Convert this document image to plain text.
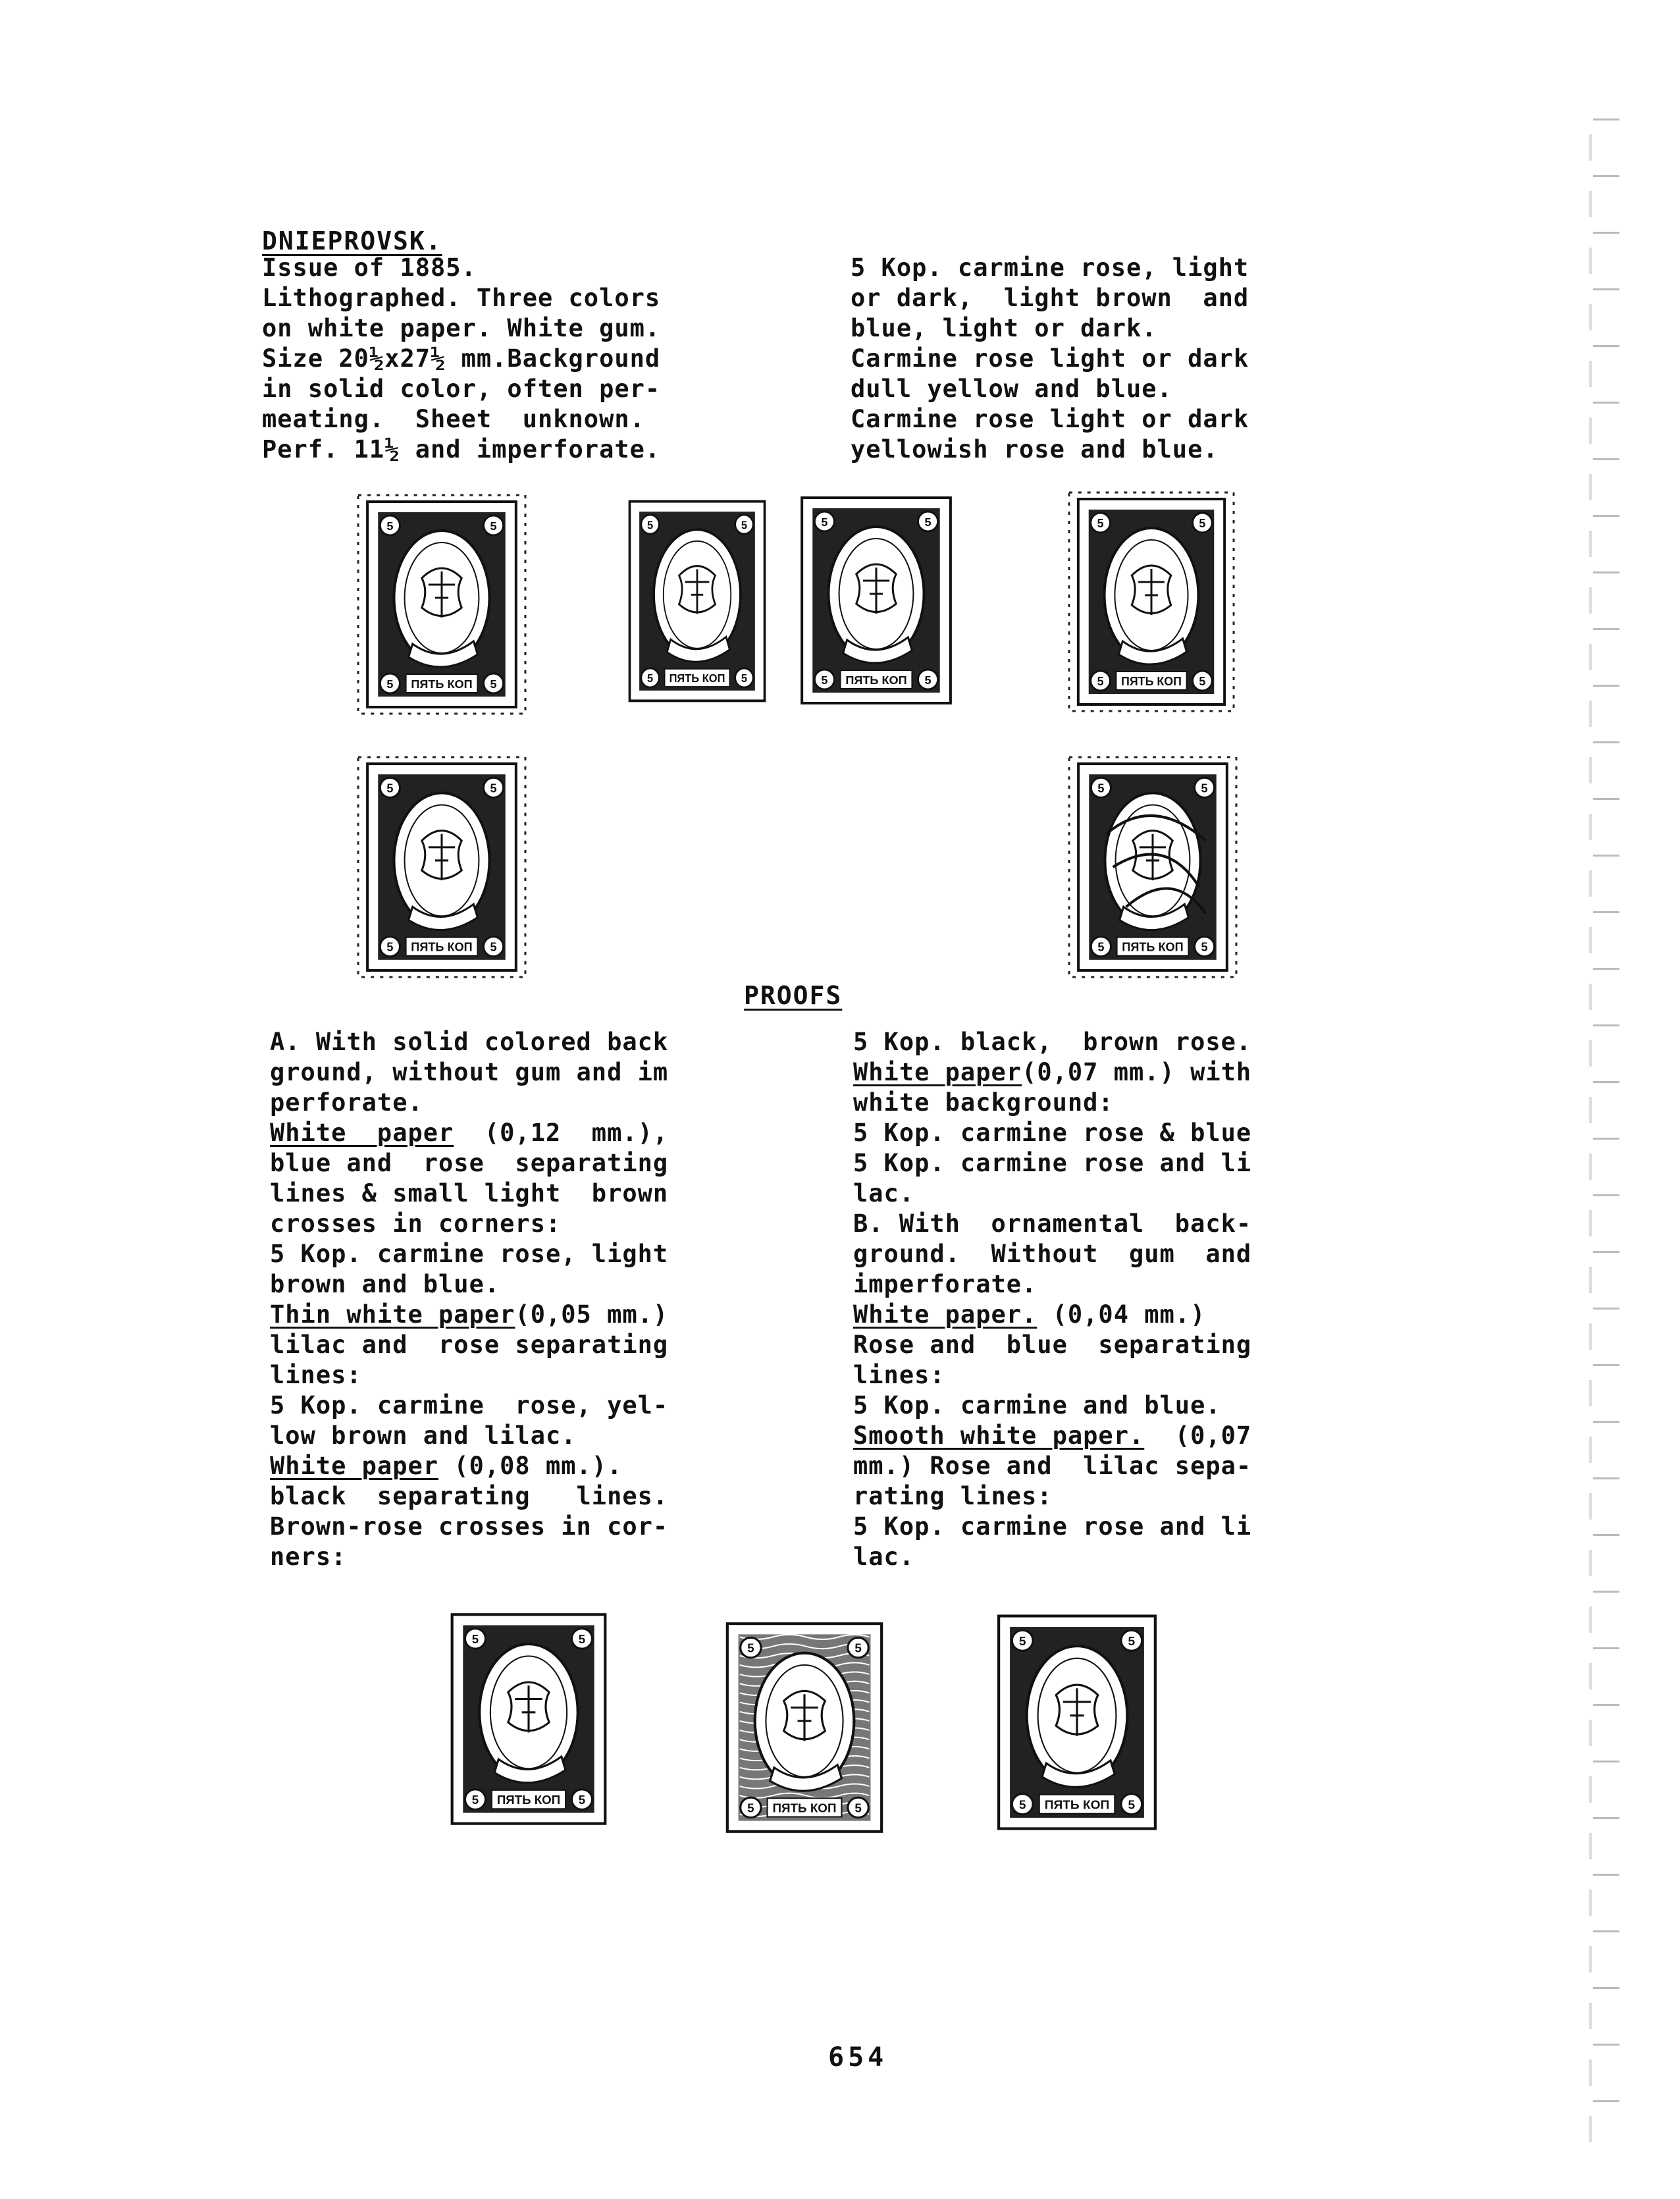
DNIEPROVSK.

Issue of 1885.

Lithographed. Three colors

on white paper. White gum.

Size 20½x27½ mm.Background

in solid color, often per-

meating.  Sheet  unknown.

Perf. 11½ and imperforate.

5 Kop. carmine rose, light

or dark,  light brown  and

blue, light or dark.

Carmine rose light or dark

dull yellow and blue.

Carmine rose light or dark

yellowish rose and blue.

5	5
5	5
ПЯТЬ КОП
5	5
5	5
ПЯТЬ КОП
5	5
5	5
ПЯТЬ КОП
5	5
5	5
ПЯТЬ КОП
5	5
5	5
ПЯТЬ КОП
5	5
5	5
ПЯТЬ КОП
PROOFS

A. With solid colored back

ground, without gum and im

perforate.

White  paper  (0,12  mm.),

blue and  rose  separating

lines & small light  brown

crosses in corners:

5 Kop. carmine rose, light

brown and blue.

Thin white paper(0,05 mm.)

lilac and  rose separating

lines:

5 Kop. carmine  rose, yel-

low brown and lilac.

White paper (0,08 mm.).

black  separating   lines.

Brown-rose crosses in cor-

ners:

5 Kop. black,  brown rose.

White paper(0,07 mm.) with

white background:

5 Kop. carmine rose & blue

5 Kop. carmine rose and li

lac.

B. With  ornamental  back-

ground.  Without  gum  and

imperforate.

White paper. (0,04 mm.)

Rose and  blue  separating

lines:

5 Kop. carmine and blue.

Smooth white paper.  (0,07

mm.) Rose and  lilac sepa-

rating lines:

5 Kop. carmine rose and li

lac.

5	5
5	5
ПЯТЬ КОП
5	5
5	5
ПЯТЬ КОП
5	5
5	5
ПЯТЬ КОП
654
